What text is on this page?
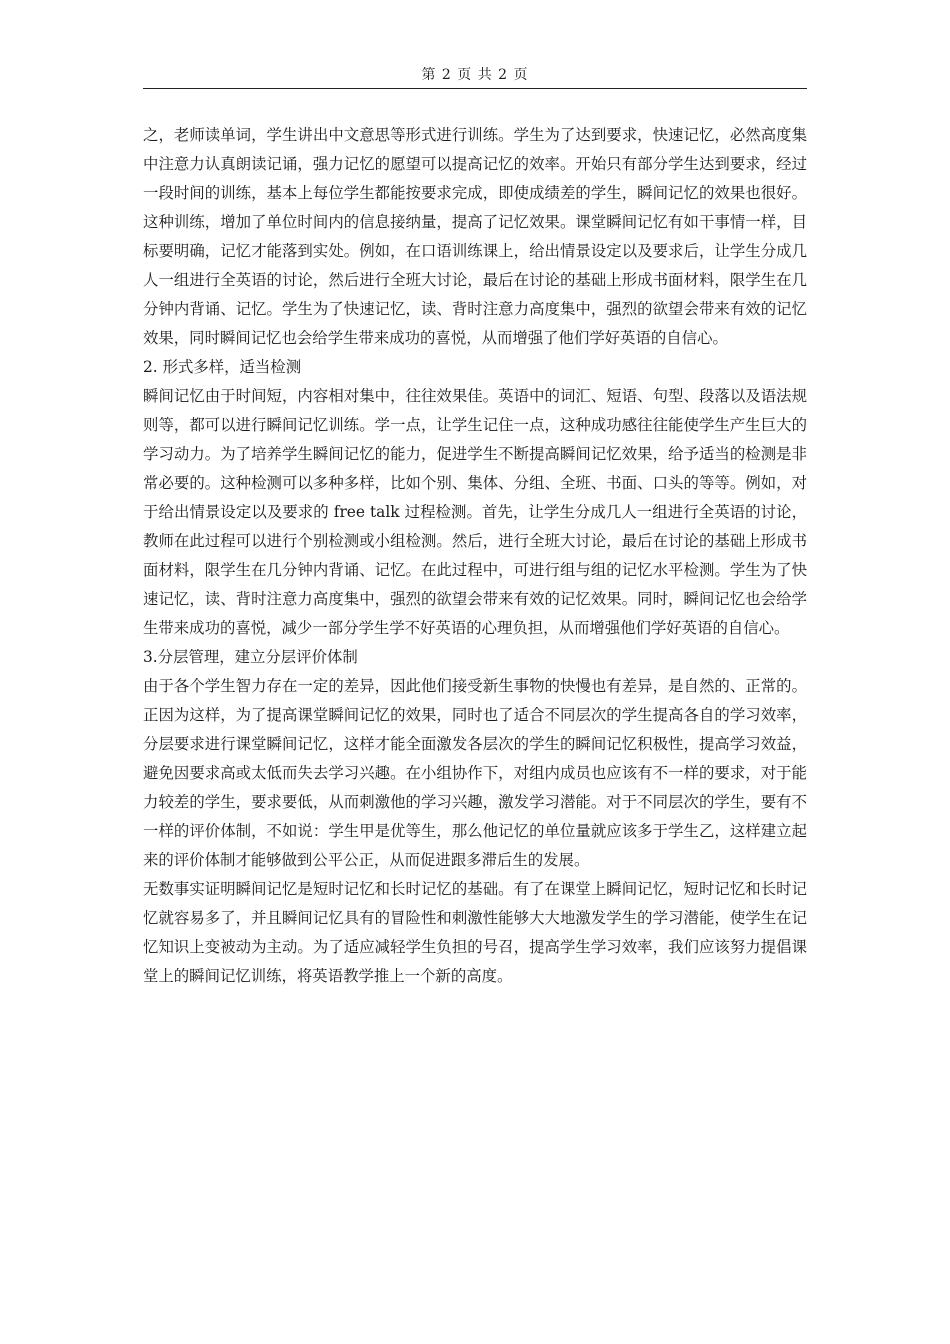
第 2 页 共 2 页

之，老师读单词，学生讲出中文意思等形式进行训练。学生为了达到要求，快速记忆，必然高度集中注意力认真朗读记诵，强力记忆的愿望可以提高记忆的效率。开始只有部分学生达到要求，经过一段时间的训练，基本上每位学生都能按要求完成，即使成绩差的学生，瞬间记忆的效果也很好。这种训练，增加了单位时间内的信息接纳量，提高了记忆效果。课堂瞬间记忆有如干事情一样，目标要明确，记忆才能落到实处。例如，在口语训练课上，给出情景设定以及要求后，让学生分成几人一组进行全英语的讨论，然后进行全班大讨论，最后在讨论的基础上形成书面材料，限学生在几分钟内背诵、记忆。学生为了快速记忆，读、背时注意力高度集中，强烈的欲望会带来有效的记忆效果，同时瞬间记忆也会给学生带来成功的喜悦，从而增强了他们学好英语的自信心。

2. 形式多样，适当检测

瞬间记忆由于时间短，内容相对集中，往往效果佳。英语中的词汇、短语、句型、段落以及语法规则等，都可以进行瞬间记忆训练。学一点，让学生记住一点，这种成功感往往能使学生产生巨大的学习动力。为了培养学生瞬间记忆的能力，促进学生不断提高瞬间记忆效果，给予适当的检测是非常必要的。这种检测可以多种多样，比如个别、集体、分组、全班、书面、口头的等等。例如，对于给出情景设定以及要求的 free talk 过程检测。首先，让学生分成几人一组进行全英语的讨论，教师在此过程可以进行个别检测或小组检测。然后，进行全班大讨论，最后在讨论的基础上形成书面材料，限学生在几分钟内背诵、记忆。在此过程中，可进行组与组的记忆水平检测。学生为了快速记忆，读、背时注意力高度集中，强烈的欲望会带来有效的记忆效果。同时，瞬间记忆也会给学生带来成功的喜悦，减少一部分学生学不好英语的心理负担，从而增强他们学好英语的自信心。

3.分层管理，建立分层评价体制

由于各个学生智力存在一定的差异，因此他们接受新生事物的快慢也有差异，是自然的、正常的。正因为这样，为了提高课堂瞬间记忆的效果，同时也了适合不同层次的学生提高各自的学习效率，分层要求进行课堂瞬间记忆，这样才能全面激发各层次的学生的瞬间记忆积极性，提高学习效益，避免因要求高或太低而失去学习兴趣。在小组协作下，对组内成员也应该有不一样的要求，对于能力较差的学生，要求要低，从而刺激他的学习兴趣，激发学习潜能。对于不同层次的学生，要有不一样的评价体制，不如说：学生甲是优等生，那么他记忆的单位量就应该多于学生乙，这样建立起来的评价体制才能够做到公平公正，从而促进跟多滞后生的发展。

无数事实证明瞬间记忆是短时记忆和长时记忆的基础。有了在课堂上瞬间记忆，短时记忆和长时记忆就容易多了，并且瞬间记忆具有的冒险性和刺激性能够大大地激发学生的学习潜能，使学生在记忆知识上变被动为主动。为了适应减轻学生负担的号召，提高学生学习效率，我们应该努力提倡课堂上的瞬间记忆训练，将英语教学推上一个新的高度。
